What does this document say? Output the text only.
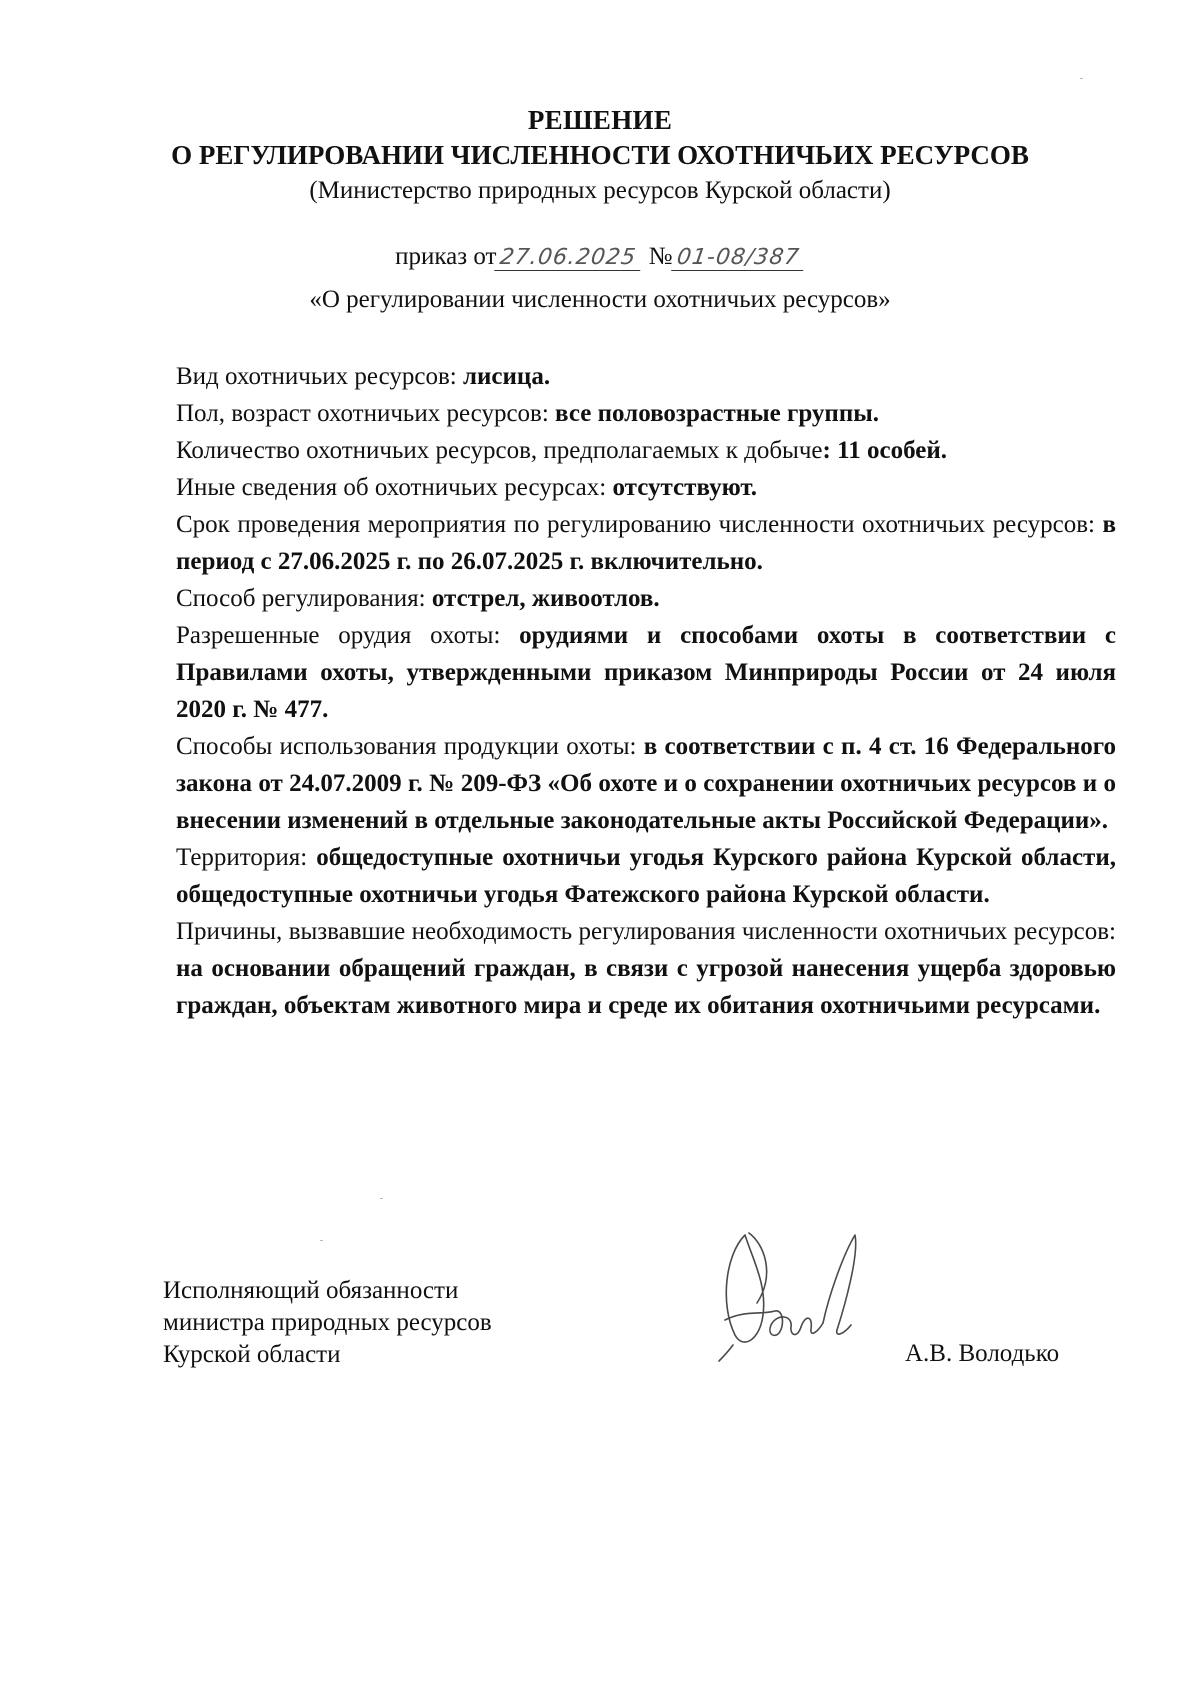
РЕШЕНИЕ
О РЕГУЛИРОВАНИИ ЧИСЛЕННОСТИ ОХОТНИЧЬИХ РЕСУРСОВ
(Министерство природных ресурсов Курской области)
приказ от 27.06.2025 № 01-08/387
«О регулировании численности охотничьих ресурсов»

Вид охотничьих ресурсов: лисица.

Пол, возраст охотничьих ресурсов: все половозрастные группы.

Количество охотничьих ресурсов, предполагаемых к добыче: 11 особей.

Иные сведения об охотничьих ресурсах: отсутствуют.

Срок проведения мероприятия по регулированию численности охотничьих ресурсов: в период с 27.06.2025 г. по 26.07.2025 г. включительно.

Способ регулирования: отстрел, живоотлов.

Разрешенные орудия охоты: орудиями и способами охоты в соответствии с Правилами охоты, утвержденными приказом Минприроды России от 24 июля 2020 г. № 477.

Способы использования продукции охоты: в соответствии с п. 4 ст. 16 Федерального закона от 24.07.2009 г. № 209-ФЗ «Об охоте и о сохранении охотничьих ресурсов и о внесении изменений в отдельные законодательные акты Российской Федерации».

Территория: общедоступные охотничьи угодья Курского района Курской области, общедоступные охотничьи угодья Фатежского района Курской области.

Причины, вызвавшие необходимость регулирования численности охотничьих ресурсов: на основании обращений граждан, в связи с угрозой нанесения ущерба здоровью граждан, объектам животного мира и среде их обитания охотничьими ресурсами.

Исполняющий обязанности
министра природных ресурсов
Курской области	А.В. Володько
